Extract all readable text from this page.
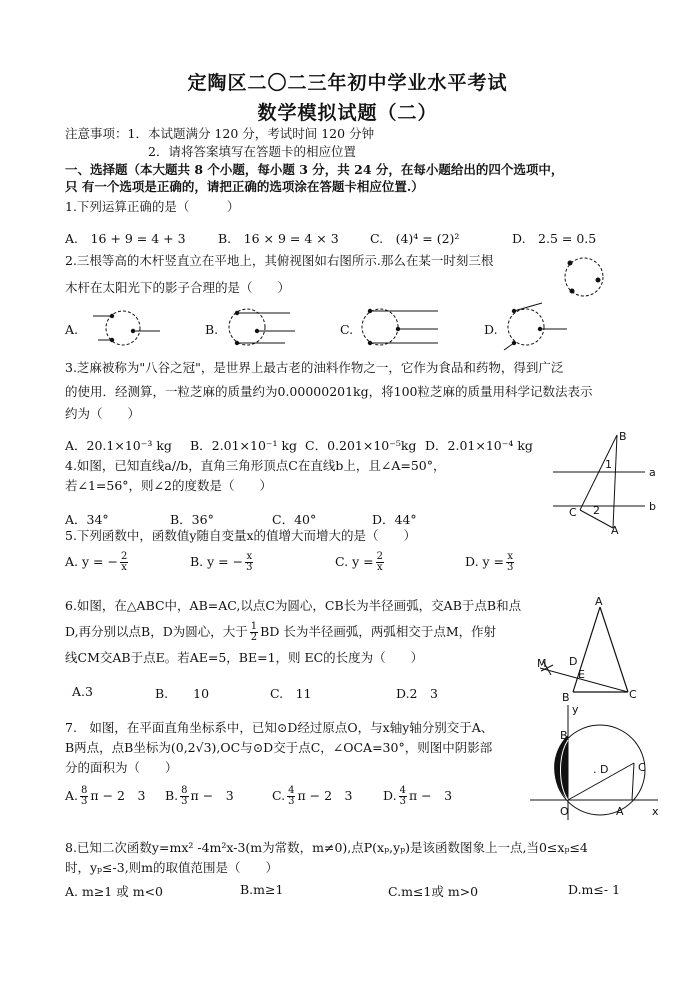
定陶区二〇二三年初中学业水平考试
数学模拟试题（二）
注意事项：1．本试题满分 120 分，考试时间 120 分钟
2．请将答案填写在答题卡的相应位置
一、选择题（本大题共 8 个小题，每小题 3 分，共 24 分，在每小题给出的四个选项中，
只 有一个选项是正确的，请把正确的选项涂在答题卡相应位置.）
1.下列运算正确的是（　　　）
A.　16 + 9 = 4 + 3	B.　16 × 9 = 4 × 3	C.　(4)⁴ = (2)²	D.　2.5 = 0.5
2.三根等高的木杆竖直立在平地上，其俯视图如右图所示.那么在某一时刻三根
木杆在太阳光下的影子合理的是（　　）
A.	B.	C.	D.
3.芝麻被称为"八谷之冠"，是世界上最古老的油料作物之一，它作为食品和药物，得到广泛
的使用．经测算，一粒芝麻的质量约为0.00000201kg，将100粒芝麻的质量用科学记数法表示
约为（　　）
A．20.1×10⁻³ kg B．2.01×10⁻¹ kg C．0.201×10⁻⁵kg D．2.01×10⁻⁴ kg
4.如图，已知直线a//b，直角三角形顶点C在直线b上，且∠A=50°，
若∠1=56°，则∠2的度数是（　　）
A．34°	B．36°	C．40°	D．44°
B
a
b
C
A
1
2
5.下列函数中，函数值y随自变量x的值增大而增大的是（　　）
A. y = − $\frac{2}{x}$	B. y = − $\frac{x}{3}$	C. $y = \frac{2}{x}$	D. $y = \frac{x}{3}$
6.如图，在△ABC中，AB=AC,以点C为圆心，CB长为半径画弧，交AB于点B和点
D,再分别以点B，D为圆心，大于 $\frac{1}{2}$ BD 长为半径画弧，两弧相交于点M，作射
线CM交AB于点E。若AE=5，BE=1，则 EC的长度为（　　）
A.3	B.　　10	C.　11	D.2　3
A
D
E
M
B	C
7.　如图，在平面直角坐标系中，已知⊙D经过原点O，与x轴y轴分别交于A、
B两点，点B坐标为(0,2√3),OC与⊙D交于点C，∠OCA=30°，则图中阴影部
分的面积为（　　）
A. $\frac{8}{3}$ π − 2　3 B. $\frac{8}{3}$ π −　3	C. $\frac{4}{3}$ π − 2　3 D. $\frac{4}{3}$ π −　3
y
B
. D	C
O	A	x
8.已知二次函数y=mx² -4m²x-3(m为常数，m≠0),点P(xₚ,yₚ)是该函数图象上一点,当0≤xₚ≤4
时，yₚ≤-3,则m的取值范围是（　　）
A. m≥1 或 m<0	B.m≥1	C.m≤1或 m>0	D.m≤- 1
